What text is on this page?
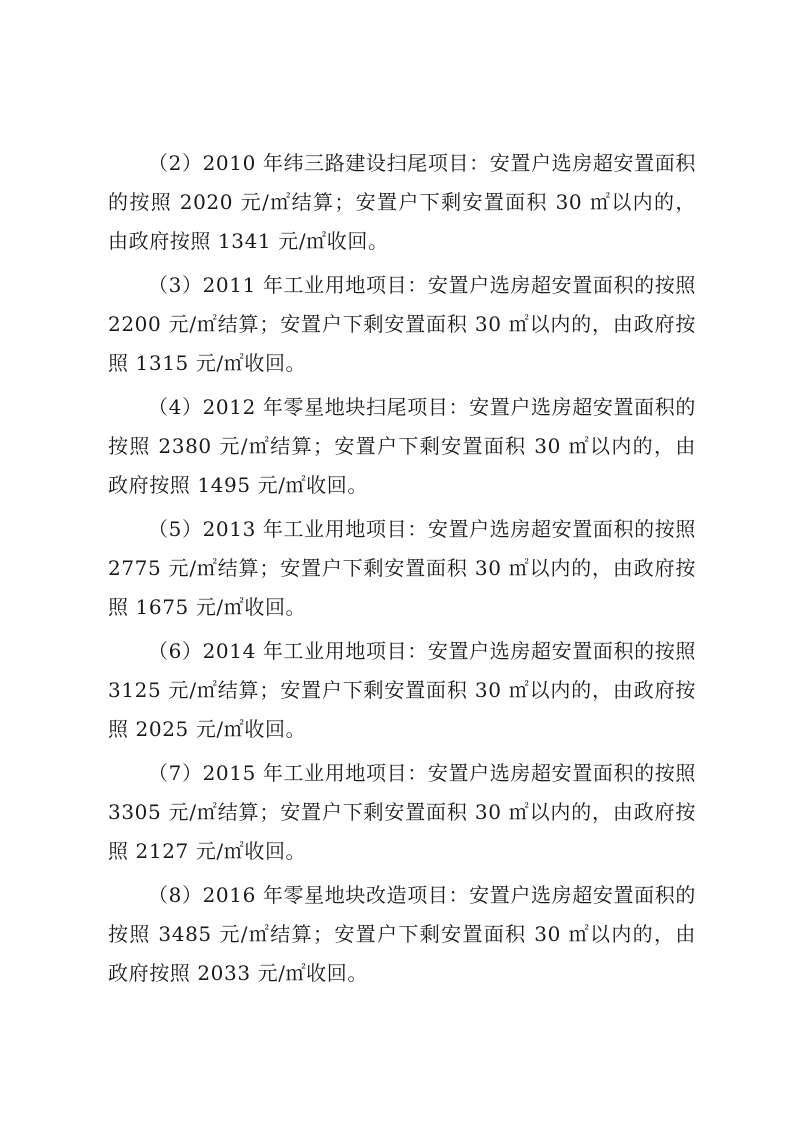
（2）2010 年纬三路建设扫尾项目：安置户选房超安置面积的按照 2020 元/㎡结算；安置户下剩安置面积 30 ㎡以内的，由政府按照 1341 元/㎡收回。

（3）2011 年工业用地项目：安置户选房超安置面积的按照 2200 元/㎡结算；安置户下剩安置面积 30 ㎡以内的，由政府按照 1315 元/㎡收回。

（4）2012 年零星地块扫尾项目：安置户选房超安置面积的按照 2380 元/㎡结算；安置户下剩安置面积 30 ㎡以内的，由政府按照 1495 元/㎡收回。

（5）2013 年工业用地项目：安置户选房超安置面积的按照 2775 元/㎡结算；安置户下剩安置面积 30 ㎡以内的，由政府按照 1675 元/㎡收回。

（6）2014 年工业用地项目：安置户选房超安置面积的按照 3125 元/㎡结算；安置户下剩安置面积 30 ㎡以内的，由政府按照 2025 元/㎡收回。

（7）2015 年工业用地项目：安置户选房超安置面积的按照 3305 元/㎡结算；安置户下剩安置面积 30 ㎡以内的，由政府按照 2127 元/㎡收回。

（8）2016 年零星地块改造项目：安置户选房超安置面积的按照 3485 元/㎡结算；安置户下剩安置面积 30 ㎡以内的，由政府按照 2033 元/㎡收回。
